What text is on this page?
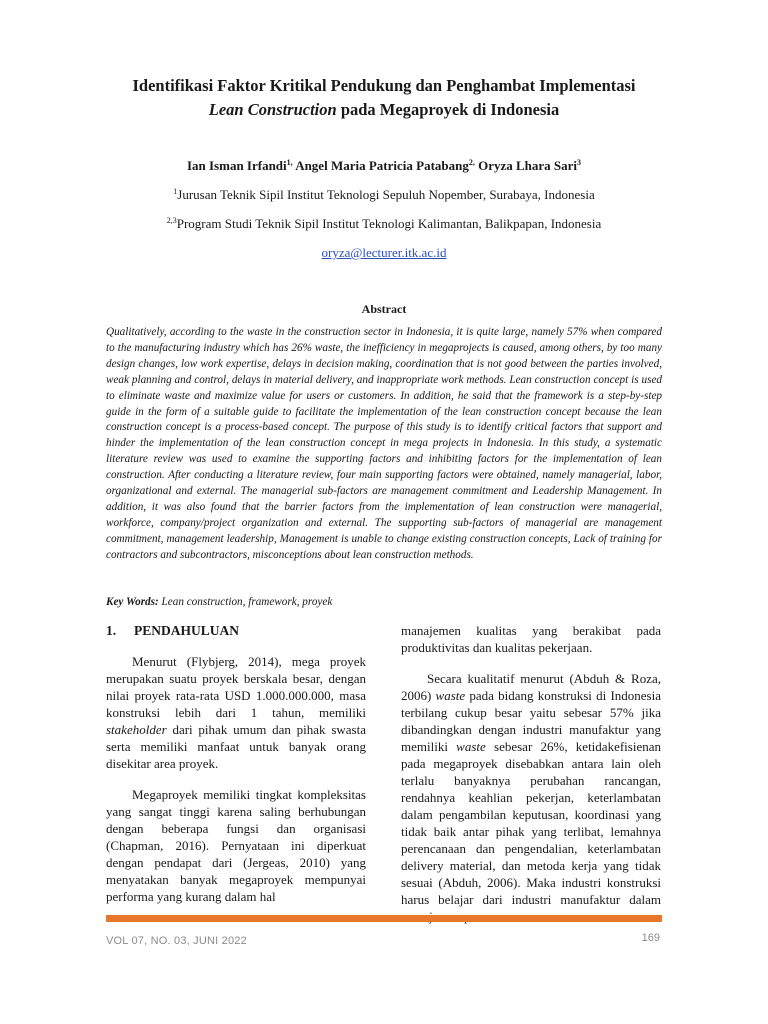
Identifikasi Faktor Kritikal Pendukung dan Penghambat Implementasi
Lean Construction pada Megaproyek di Indonesia
Ian Isman Irfandi$^{1,}$ Angel Maria Patricia Patabang$^{2,}$ Oryza Lhara Sari$^3$
$^1$Jurusan Teknik Sipil Institut Teknologi Sepuluh Nopember, Surabaya, Indonesia
$^{2,3}$Program Studi Teknik Sipil Institut Teknologi Kalimantan, Balikpapan, Indonesia
oryza@lecturer.itk.ac.id
Abstract
Qualitatively, according to the waste in the construction sector in Indonesia, it is quite large, namely 57% when compared to the manufacturing industry which has 26% waste, the inefficiency in megaprojects is caused, among others, by too many design changes, low work expertise, delays in decision making, coordination that is not good between the parties involved, weak planning and control, delays in material delivery, and inappropriate work methods. Lean construction concept is used to eliminate waste and maximize value for users or customers. In addition, he said that the framework is a step-by-step guide in the form of a suitable guide to facilitate the implementation of the lean construction concept because the lean construction concept is a process-based concept. The purpose of this study is to identify critical factors that support and hinder the implementation of the lean construction concept in mega projects in Indonesia. In this study, a systematic literature review was used to examine the supporting factors and inhibiting factors for the implementation of lean construction. After conducting a literature review, four main supporting factors were obtained, namely managerial, labor, organizational and external. The managerial sub-factors are management commitment and Leadership Management. In addition, it was also found that the barrier factors from the implementation of lean construction were managerial, workforce, company/project organization and external. The supporting sub-factors of managerial are management commitment, management leadership, Management is unable to change existing construction concepts, Lack of training for contractors and subcontractors, misconceptions about lean construction methods.
Key Words: Lean construction, framework, proyek
1. PENDAHULUAN

Menurut (Flybjerg, 2014), mega proyek merupakan suatu proyek berskala besar, dengan nilai proyek rata-rata USD 1.000.000.000, masa konstruksi lebih dari 1 tahun, memiliki stakeholder dari pihak umum dan pihak swasta serta memiliki manfaat untuk banyak orang disekitar area proyek.

Megaproyek memiliki tingkat kompleksitas yang sangat tinggi karena saling berhubungan dengan beberapa fungsi dan organisasi (Chapman, 2016). Pernyataan ini diperkuat dengan pendapat dari (Jergeas, 2010) yang menyatakan banyak megaproyek mempunyai performa yang kurang dalam hal

manajemen kualitas yang berakibat pada produktivitas dan kualitas pekerjaan.

Secara kualitatif menurut (Abduh & Roza, 2006) waste pada bidang konstruksi di Indonesia terbilang cukup besar yaitu sebesar 57% jika dibandingkan dengan industri manufaktur yang memiliki waste sebesar 26%, ketidakefisienan pada megaproyek disebabkan antara lain oleh terlalu banyaknya perubahan rancangan, rendahnya keahlian pekerjan, keterlambatan dalam pengambilan keputusan, koordinasi yang tidak baik antar pihak yang terlibat, lemahnya perencanaan dan pengendalian, keterlambatan delivery material, dan metoda kerja yang tidak sesuai (Abduh, 2006). Maka industri konstruksi harus belajar dari industri manufaktur dalam

VOL 07, NO. 03, JUNI 2022	169
